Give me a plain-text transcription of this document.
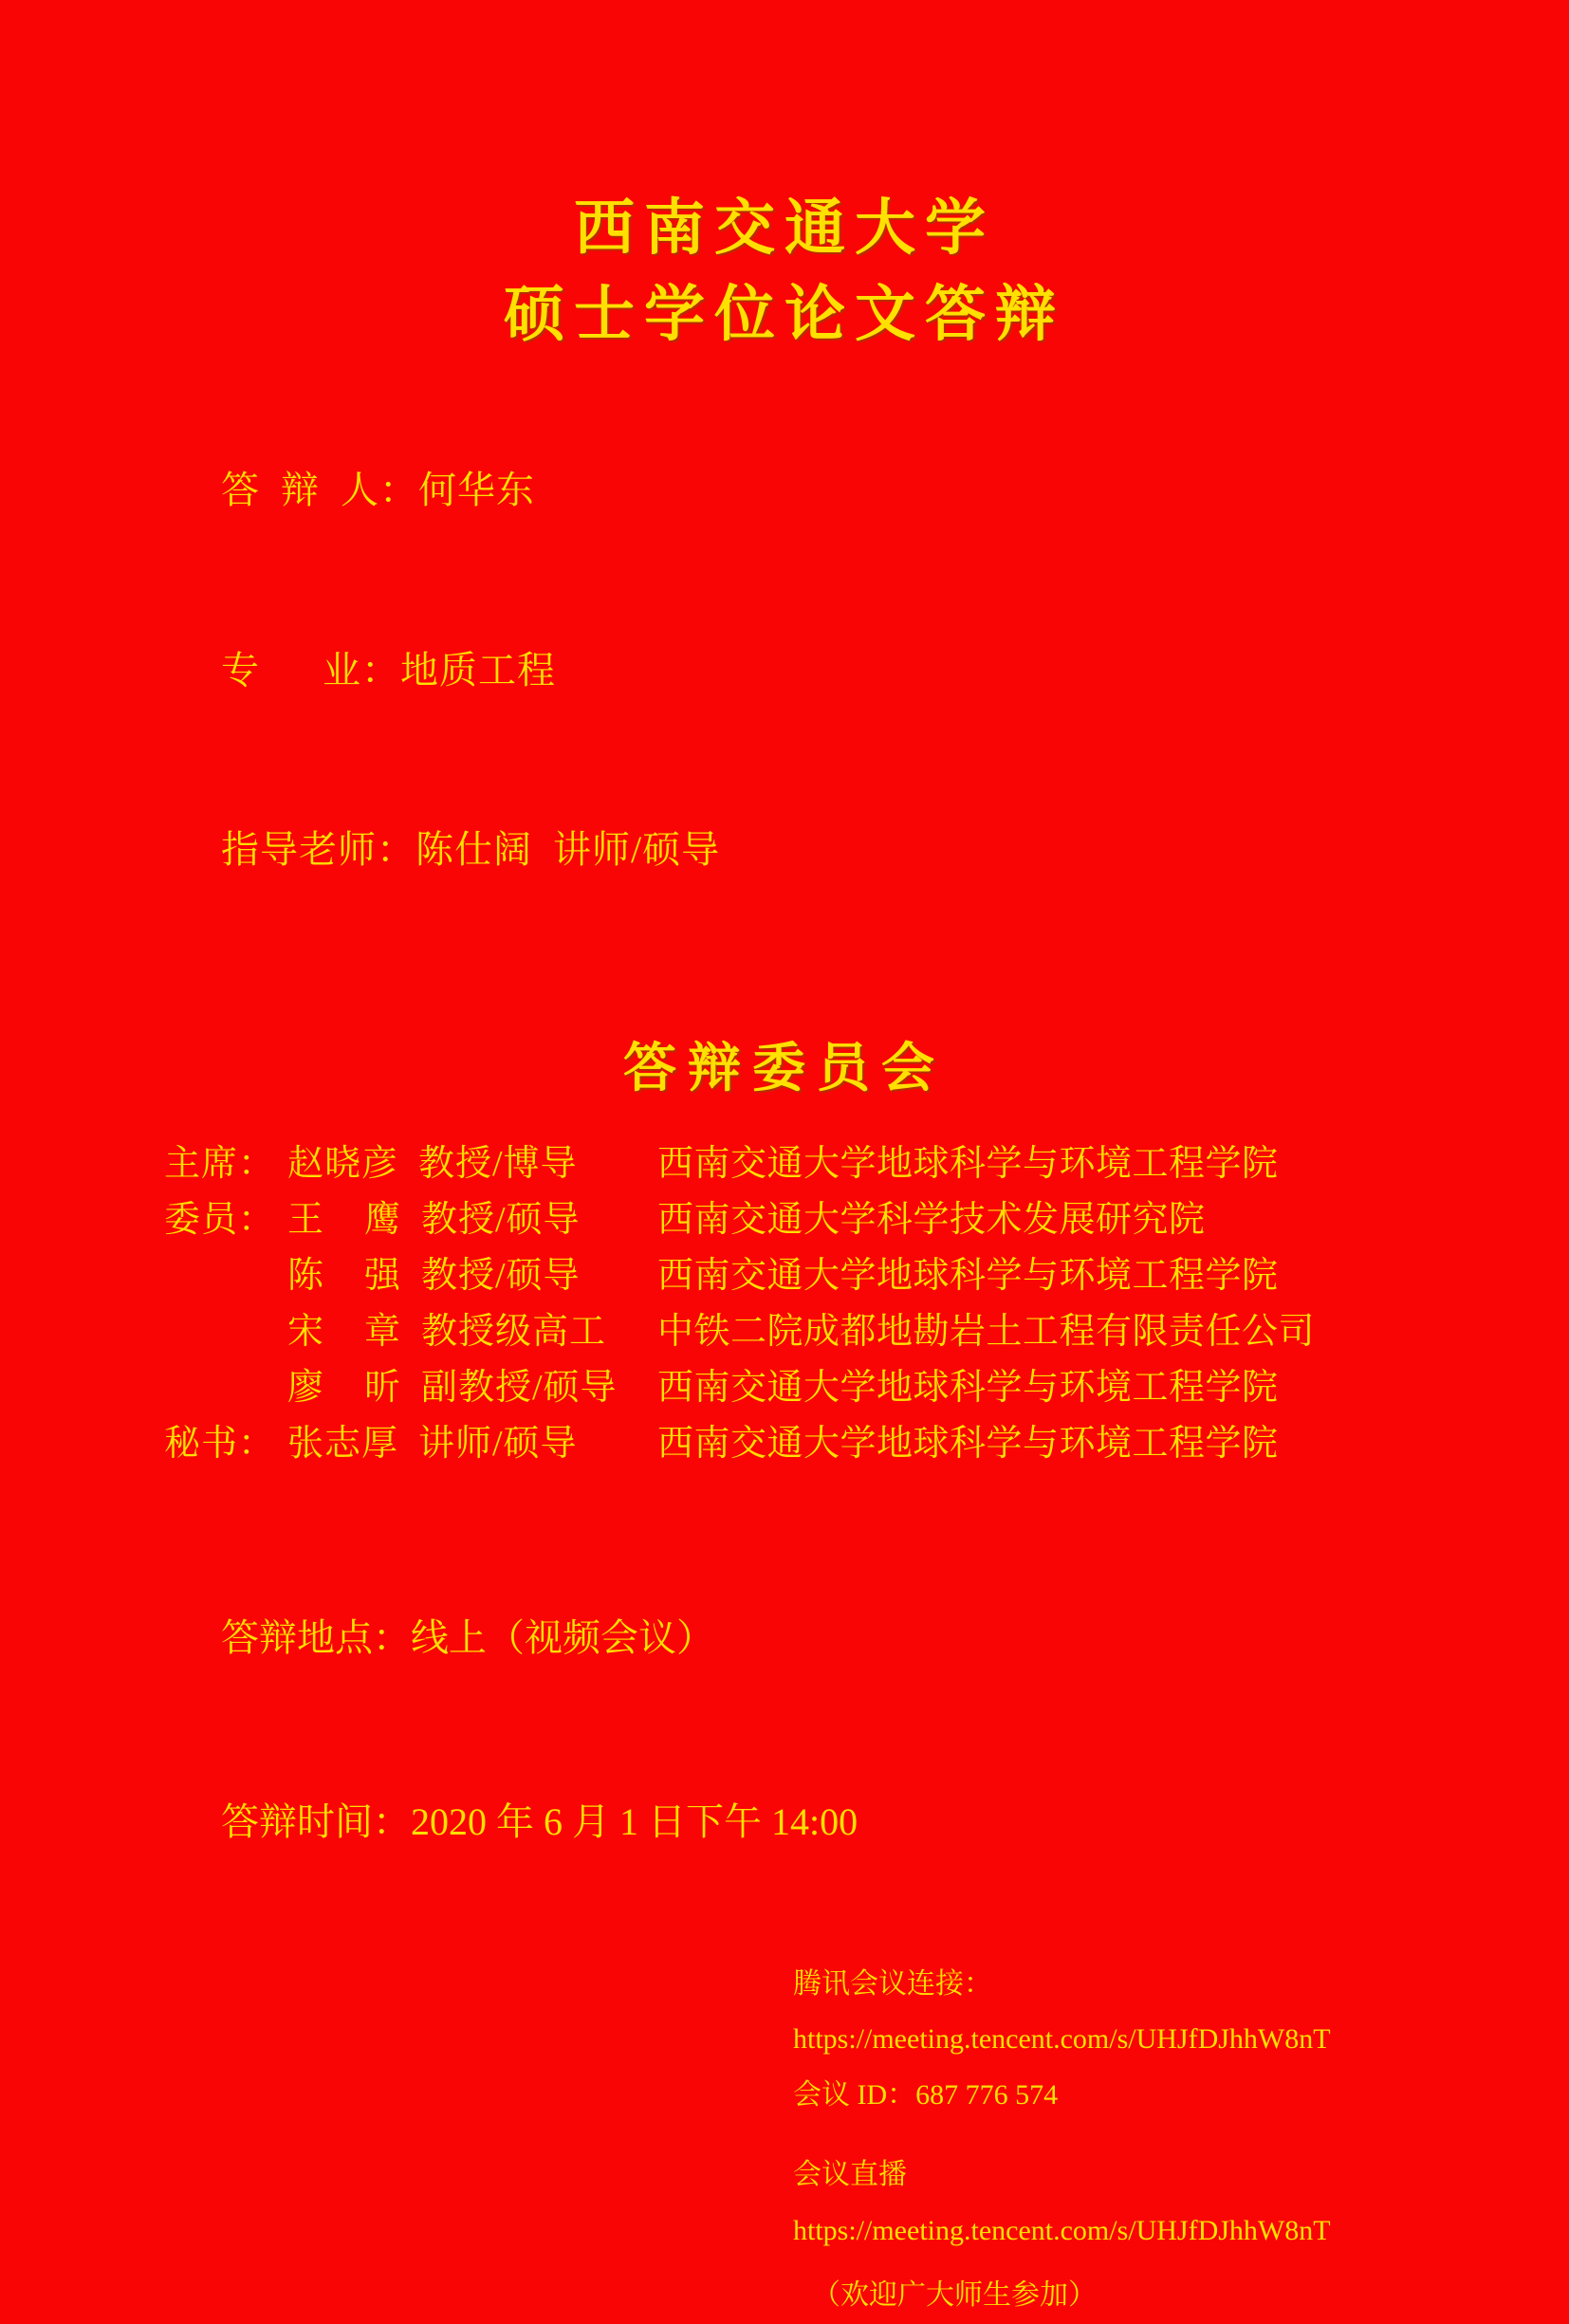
西南交通大学
硕士学位论文答辩

答  辩  人：何华东

专      业：地质工程

指导老师：陈仕阔  讲师/硕导

答辩委员会
主席： 赵晓彦  教授/博导	西南交通大学地球科学与环境工程学院
委员： 王    鹰  教授/硕导	西南交通大学科学技术发展研究院
陈    强  教授/硕导	西南交通大学地球科学与环境工程学院
宋    章  教授级高工	中铁二院成都地勘岩土工程有限责任公司
廖    昕  副教授/硕导	西南交通大学地球科学与环境工程学院
秘书： 张志厚  讲师/硕导	西南交通大学地球科学与环境工程学院

答辩地点：线上（视频会议）

答辩时间：2020 年 6 月 1 日下午 14:00

腾讯会议连接：
https://meeting.tencent.com/s/UHJfDJhhW8nT
会议 ID：687 776 574
会议直播
https://meeting.tencent.com/s/UHJfDJhhW8nT
（欢迎广大师生参加）
